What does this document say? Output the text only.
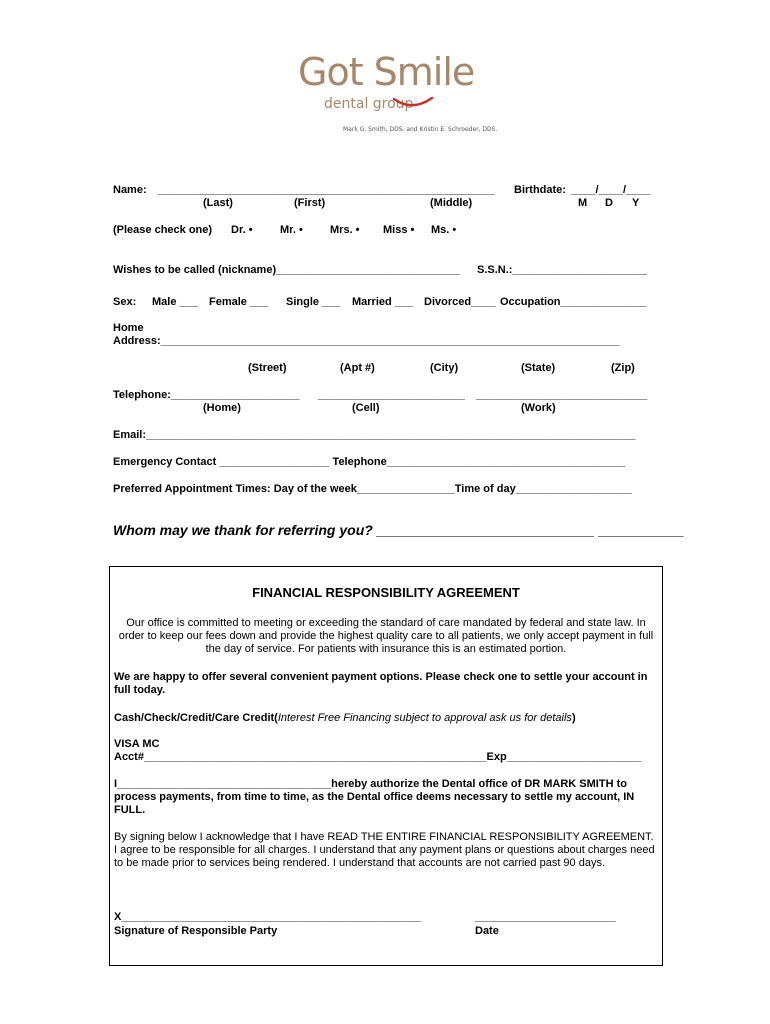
Got Smile
dental group
Mark G. Smith, DDS. and Kristin E. Schroeder, DDS.
Name: _______________________________________________________ Birthdate: ____/____/____
(Last)	(First)	(Middle)	M D Y
(Please check one) Dr. • Mr. • Mrs. • Miss • Ms. •
Wishes to be called (nickname)______________________________ S.S.N.:______________________
Sex: Male ___ Female ___ Single ___ Married ___ Divorced____ Occupation______________
Home
Address:___________________________________________________________________________
(Street)	(Apt #)	(City)	(State)	(Zip)
Telephone:_____________________ ________________________ ____________________________
(Home)	(Cell)	(Work)
Email:________________________________________________________________________________
Emergency Contact __________________ Telephone_______________________________________
Preferred Appointment Times: Day of the week________________Time of day___________________
Whom may we thank for referring you? ____________________________ ___________
FINANCIAL RESPONSIBILITY AGREEMENT
Our office is committed to meeting or exceeding the standard of care mandated by federal and state law. In order to keep our fees down and provide the highest quality care to all patients, we only accept payment in full the day of service. For patients with insurance this is an estimated portion.
We are happy to offer several convenient payment options. Please check one to settle your account in full today.
Cash/Check/Credit/Care Credit(Interest Free Financing subject to approval ask us for details)
VISA MC
Acct#________________________________________________________Exp______________________
I___________________________________hereby authorize the Dental office of DR MARK SMITH to process payments, from time to time, as the Dental office deems necessary to settle my account, IN FULL.
By signing below I acknowledge that I have READ THE ENTIRE FINANCIAL RESPONSIBILITY AGREEMENT. I agree to be responsible for all charges. I understand that any payment plans or questions about charges need to be made prior to services being rendered. I understand that accounts are not carried past 90 days.
X_________________________________________________	_______________________
Signature of Responsible Party	Date
